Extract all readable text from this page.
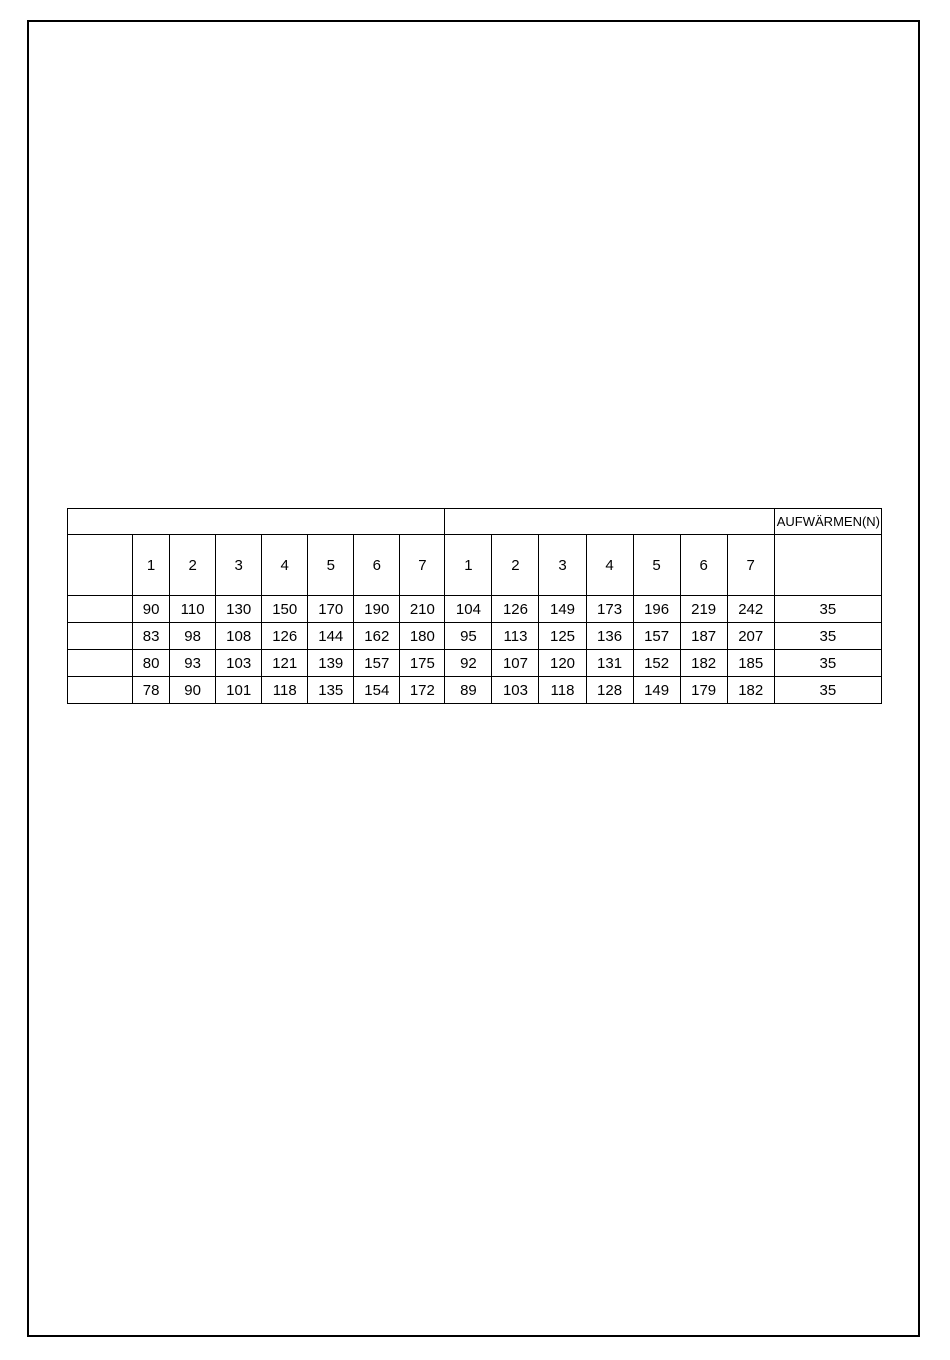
															AUFWÄRMEN(N)
	1	2	3	4	5	6	7	1	2	3	4	5	6	7	
	90	110	130	150	170	190	210	104	126	149	173	196	219	242	35
	83	98	108	126	144	162	180	95	113	125	136	157	187	207	35
	80	93	103	121	139	157	175	92	107	120	131	152	182	185	35
	78	90	101	118	135	154	172	89	103	118	128	149	179	182	35
